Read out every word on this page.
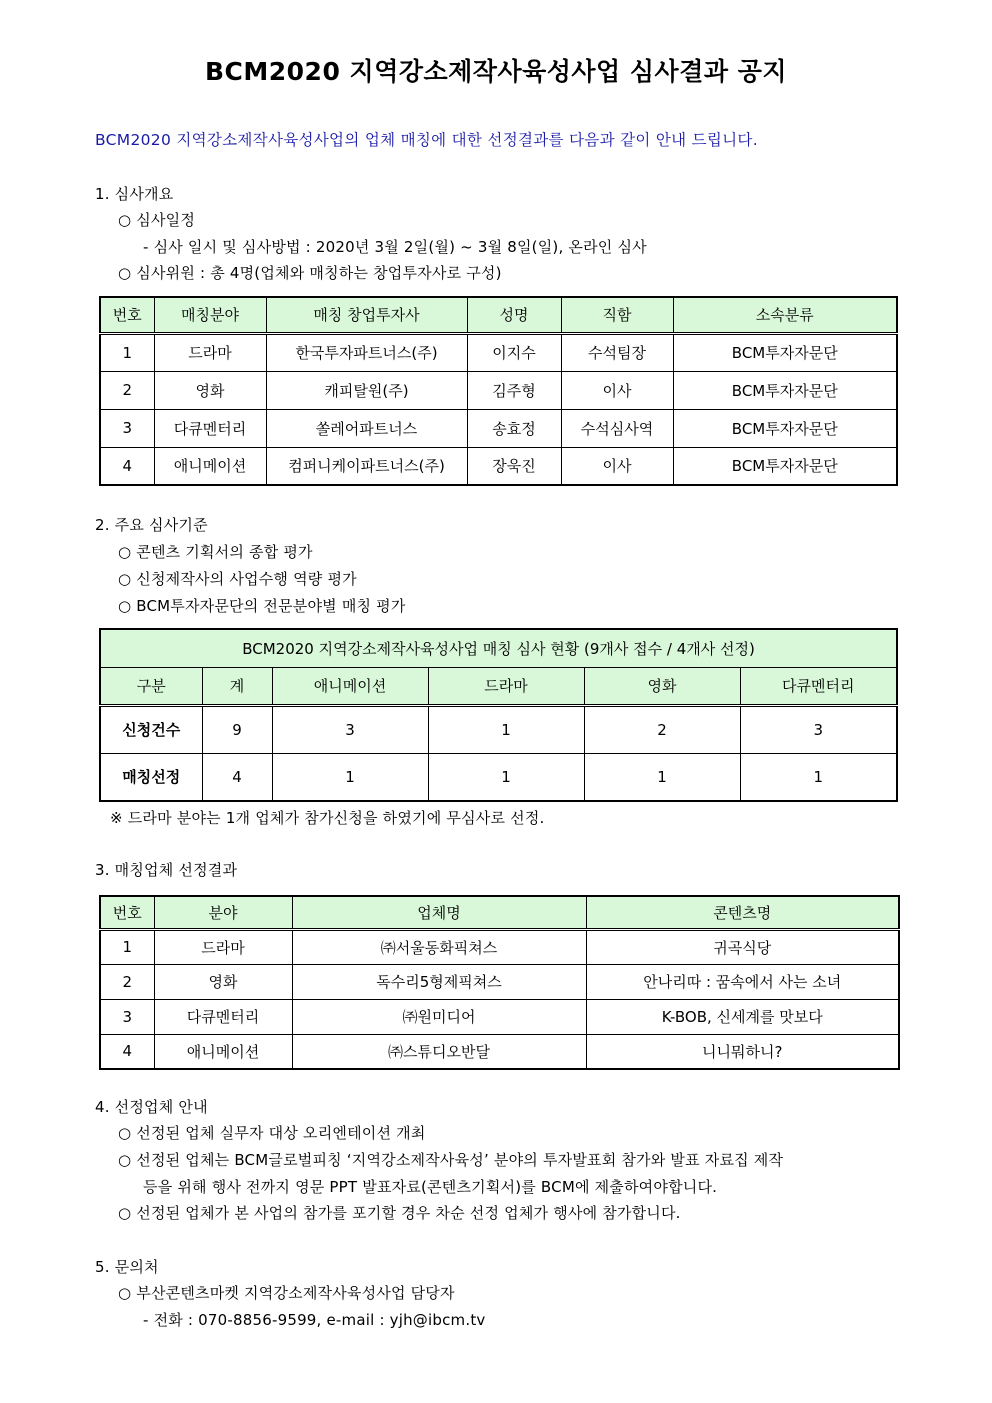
BCM2020 지역강소제작사육성사업 심사결과 공지
BCM2020 지역강소제작사육성사업의 업체 매칭에 대한 선정결과를 다음과 같이 안내 드립니다.
1. 심사개요
○ 심사일정
- 심사 일시 및 심사방법 : 2020년 3월 2일(월) ~ 3월 8일(일), 온라인 심사
○ 심사위원 : 총 4명(업체와 매칭하는 창업투자사로 구성)
번호	매칭분야	매칭 창업투자사	성명	직함	소속분류
1	드라마	한국투자파트너스(주)	이지수	수석팀장	BCM투자자문단
2	영화	캐피탈원(주)	김주형	이사	BCM투자자문단
3	다큐멘터리	쏠레어파트너스	송효정	수석심사역	BCM투자자문단
4	애니메이션	컴퍼니케이파트너스(주)	장욱진	이사	BCM투자자문단
2. 주요 심사기준
○ 콘텐츠 기획서의 종합 평가
○ 신청제작사의 사업수행 역량 평가
○ BCM투자자문단의 전문분야별 매칭 평가
BCM2020 지역강소제작사육성사업 매칭 심사 현황 (9개사 접수 / 4개사 선정)					
구분	계	애니메이션	드라마	영화	다큐멘터리
신청건수	9	3	1	2	3
매칭선정	4	1	1	1	1
※ 드라마 분야는 1개 업체가 참가신청을 하였기에 무심사로 선정.
3. 매칭업체 선정결과
번호	분야	업체명	콘텐츠명
1	드라마	㈜서울동화픽쳐스	귀곡식당
2	영화	독수리5형제픽쳐스	안나리따 : 꿈속에서 사는 소녀
3	다큐멘터리	㈜원미디어	K-BOB, 신세계를 맛보다
4	애니메이션	㈜스튜디오반달	니니뭐하니?
4. 선정업체 안내
○ 선정된 업체 실무자 대상 오리엔테이션 개최
○ 선정된 업체는 BCM글로벌피칭 ‘지역강소제작사육성’ 분야의 투자발표회 참가와 발표 자료집 제작
등을 위해 행사 전까지 영문 PPT 발표자료(콘텐츠기획서)를 BCM에 제출하여야합니다.
○ 선정된 업체가 본 사업의 참가를 포기할 경우 차순 선정 업체가 행사에 참가합니다.
5. 문의처
○ 부산콘텐츠마켓 지역강소제작사육성사업 담당자
- 전화 : 070-8856-9599, e-mail : yjh@ibcm.tv
